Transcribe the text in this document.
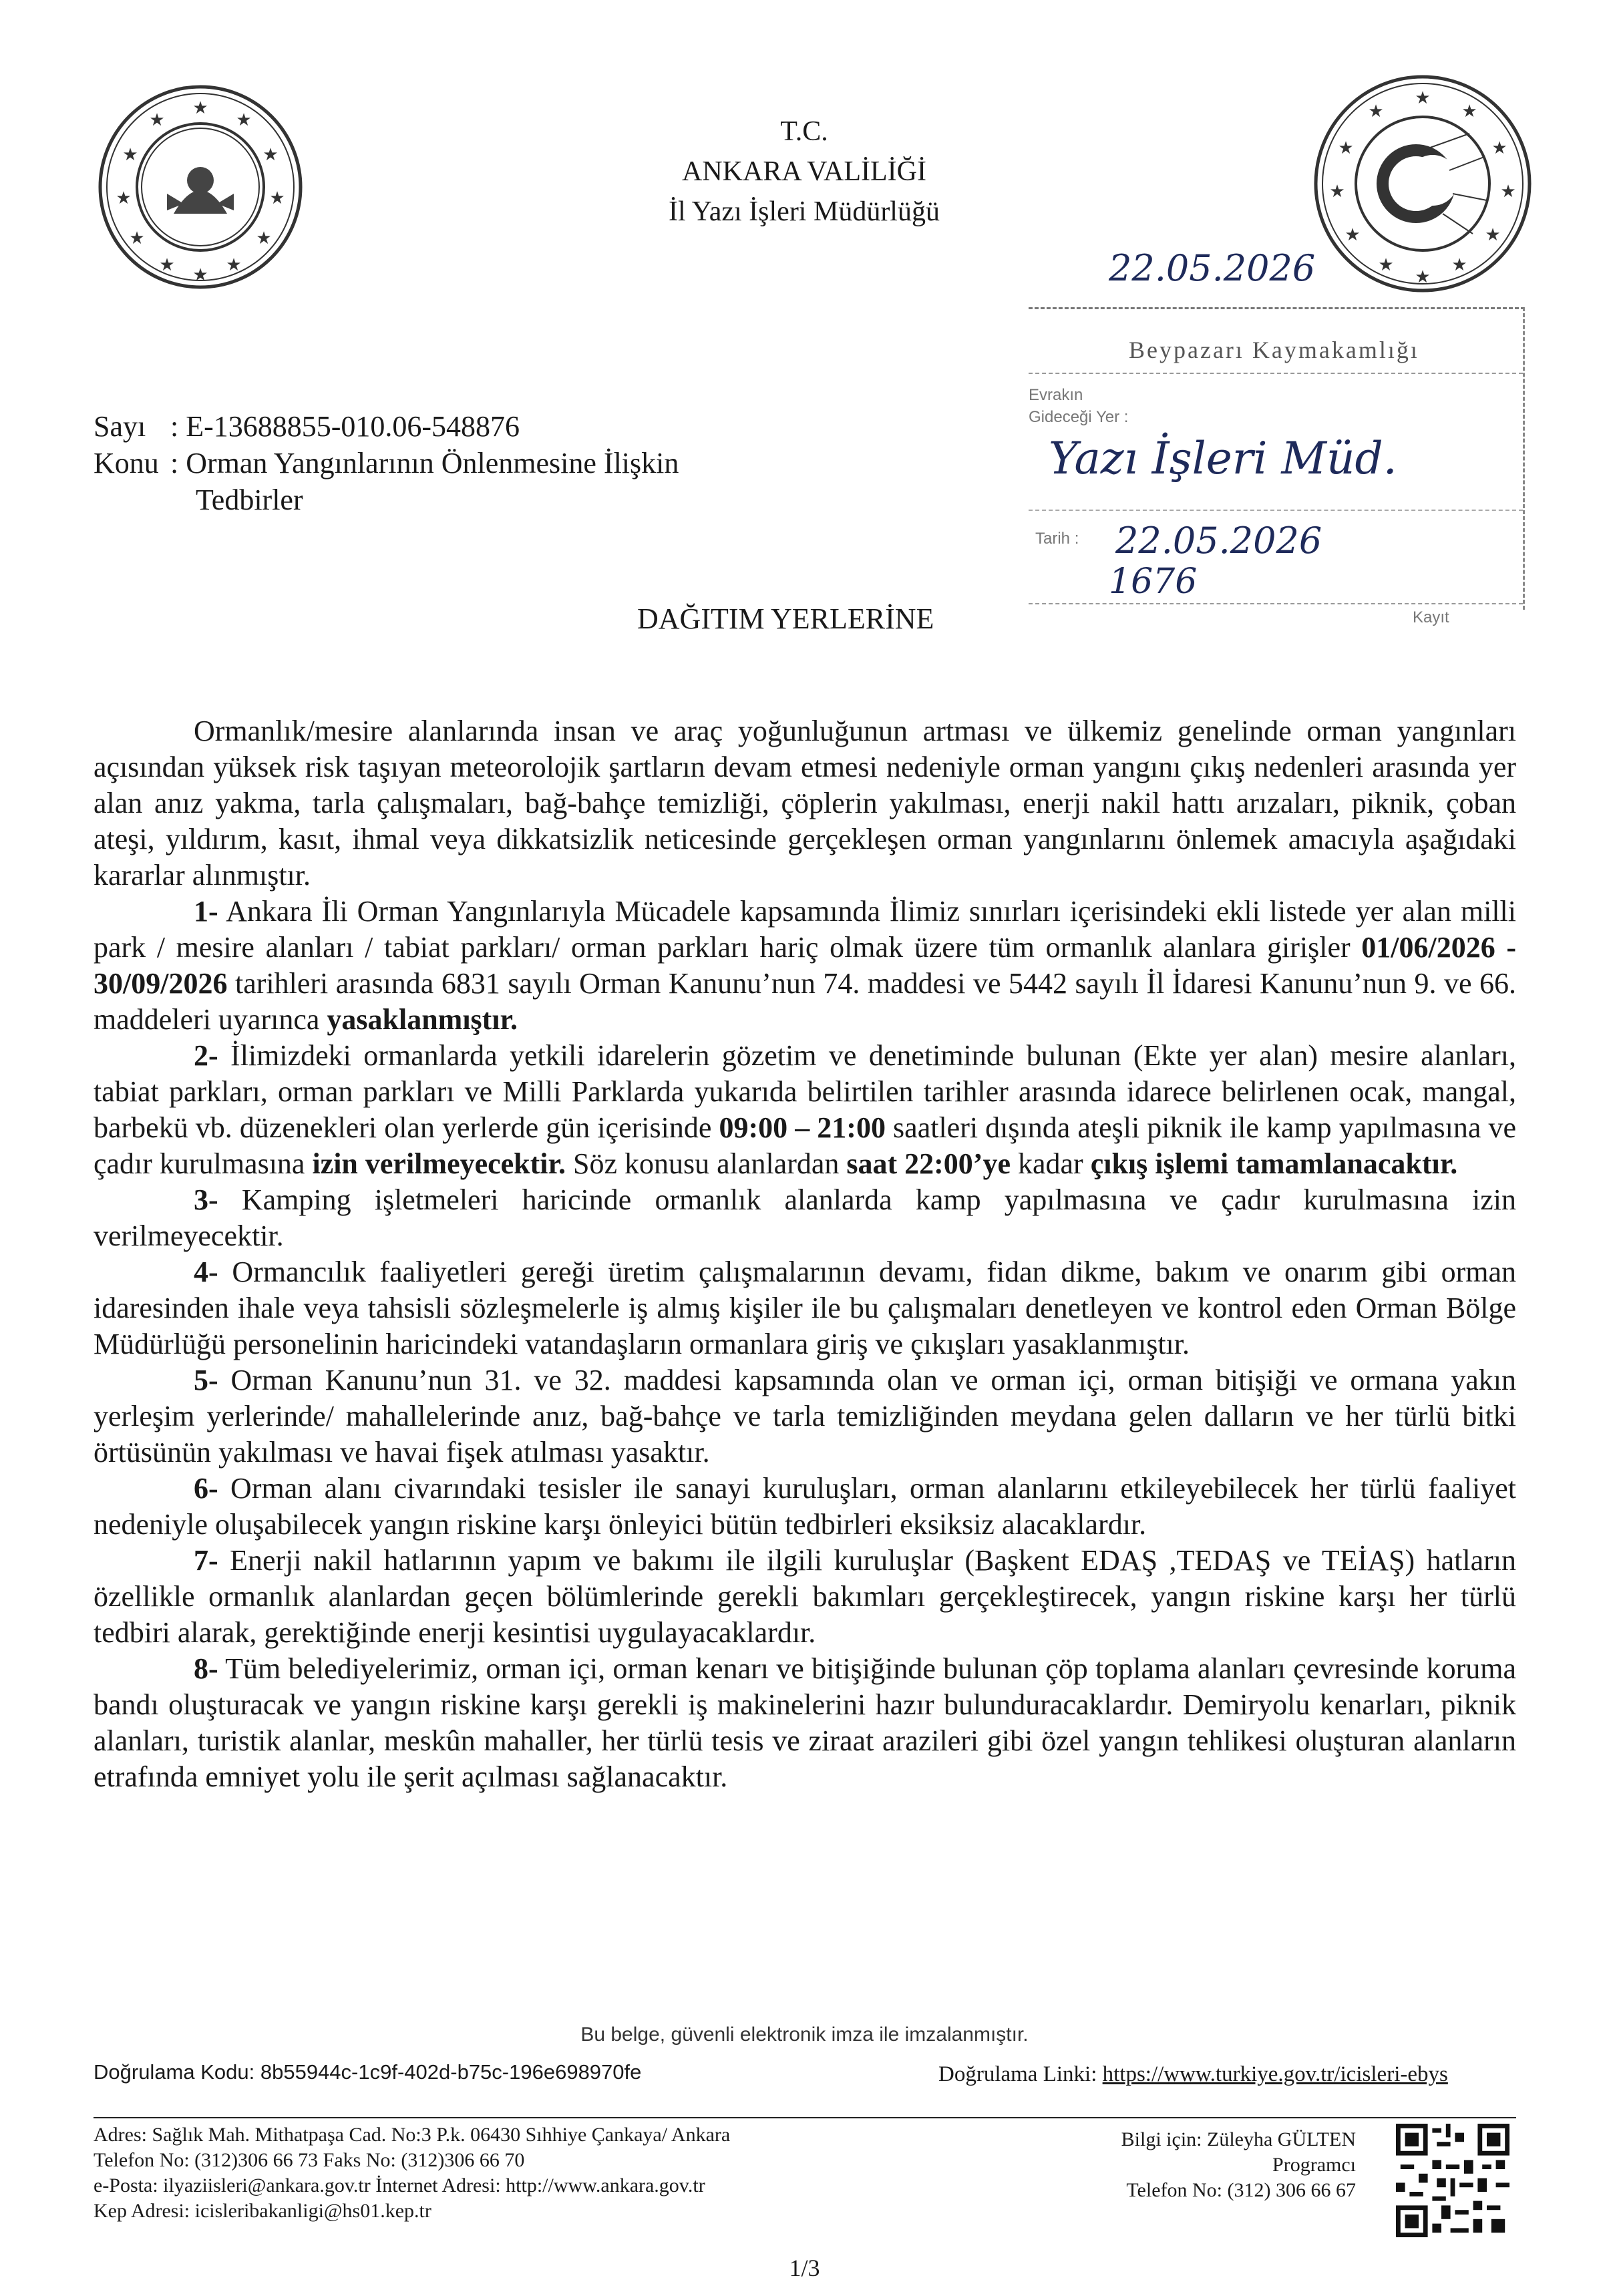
★
★	★
★	★
★	★
★	★
★	★
★
★
★	★
★	★
★	★
★	★
★	★
★
T.C.
ANKARA VALİLİĞİ
İl Yazı İşleri Müdürlüğü
22.05.2026
Beypazarı Kaymakamlığı
Evrakın
Gideceği Yer :
Yazı İşleri Müd.
Tarih : 22.05.2026
1676
Kayıt
Sayı : E-13688855-010.06-548876
Konu : Orman Yangınlarının Önlenmesine İlişkin
Tedbirler
DAĞITIM YERLERİNE

Ormanlık/mesire alanlarında insan ve araç yoğunluğunun artması ve ülkemiz genelinde orman yangınları açısından yüksek risk taşıyan meteorolojik şartların devam etmesi nedeniyle orman yangını çıkış nedenleri arasında yer alan anız yakma, tarla çalışmaları, bağ-bahçe temizliği, çöplerin yakılması, enerji nakil hattı arızaları, piknik, çoban ateşi, yıldırım, kasıt, ihmal veya dikkatsizlik neticesinde gerçekleşen orman yangınlarını önlemek amacıyla aşağıdaki kararlar alınmıştır.

1- Ankara İli Orman Yangınlarıyla Mücadele kapsamında İlimiz sınırları içerisindeki ekli listede yer alan milli park / mesire alanları / tabiat parkları/ orman parkları hariç olmak üzere tüm ormanlık alanlara girişler 01/06/2026 - 30/09/2026 tarihleri arasında 6831 sayılı Orman Kanunu’nun 74. maddesi ve 5442 sayılı İl İdaresi Kanunu’nun 9. ve 66. maddeleri uyarınca yasaklanmıştır.

2- İlimizdeki ormanlarda yetkili idarelerin gözetim ve denetiminde bulunan (Ekte yer alan) mesire alanları, tabiat parkları, orman parkları ve Milli Parklarda yukarıda belirtilen tarihler arasında idarece belirlenen ocak, mangal, barbekü vb. düzenekleri olan yerlerde gün içerisinde 09:00 – 21:00 saatleri dışında ateşli piknik ile kamp yapılmasına ve çadır kurulmasına izin verilmeyecektir. Söz konusu alanlardan saat 22:00’ye kadar çıkış işlemi tamamlanacaktır.

3- Kamping işletmeleri haricinde ormanlık alanlarda kamp yapılmasına ve çadır kurulmasına izin verilmeyecektir.

4- Ormancılık faaliyetleri gereği üretim çalışmalarının devamı, fidan dikme, bakım ve onarım gibi orman idaresinden ihale veya tahsisli sözleşmelerle iş almış kişiler ile bu çalışmaları denetleyen ve kontrol eden Orman Bölge Müdürlüğü personelinin haricindeki vatandaşların ormanlara giriş ve çıkışları yasaklanmıştır.

5- Orman Kanunu’nun 31. ve 32. maddesi kapsamında olan ve orman içi, orman bitişiği ve ormana yakın yerleşim yerlerinde/ mahallelerinde anız, bağ-bahçe ve tarla temizliğinden meydana gelen dalların ve her türlü bitki örtüsünün yakılması ve havai fişek atılması yasaktır.

6- Orman alanı civarındaki tesisler ile sanayi kuruluşları, orman alanlarını etkileyebilecek her türlü faaliyet nedeniyle oluşabilecek yangın riskine karşı önleyici bütün tedbirleri eksiksiz alacaklardır.

7- Enerji nakil hatlarının yapım ve bakımı ile ilgili kuruluşlar (Başkent EDAŞ ,TEDAŞ ve TEİAŞ) hatların özellikle ormanlık alanlardan geçen bölümlerinde gerekli bakımları gerçekleştirecek, yangın riskine karşı her türlü tedbiri alarak, gerektiğinde enerji kesintisi uygulayacaklardır.

8- Tüm belediyelerimiz, orman içi, orman kenarı ve bitişiğinde bulunan çöp toplama alanları çevresinde koruma bandı oluşturacak ve yangın riskine karşı gerekli iş makinelerini hazır bulunduracaklardır. Demiryolu kenarları, piknik alanları, turistik alanlar, meskûn mahaller, her türlü tesis ve ziraat arazileri gibi özel yangın tehlikesi oluşturan alanların etrafında emniyet yolu ile şerit açılması sağlanacaktır.

Bu belge, güvenli elektronik imza ile imzalanmıştır.
Doğrulama Kodu: 8b55944c-1c9f-402d-b75c-196e698970fe	Doğrulama Linki: https://www.turkiye.gov.tr/icisleri-ebys
Adres: Sağlık Mah. Mithatpaşa Cad. No:3 P.k. 06430 Sıhhiye Çankaya/ Ankara
Telefon No: (312)306 66 73 Faks No: (312)306 66 70
e-Posta: ilyaziisleri@ankara.gov.tr İnternet Adresi: http://www.ankara.gov.tr
Kep Adresi: icisleribakanligi@hs01.kep.tr
Bilgi için: Züleyha GÜLTEN
Programcı
Telefon No: (312) 306 66 67
1/3
